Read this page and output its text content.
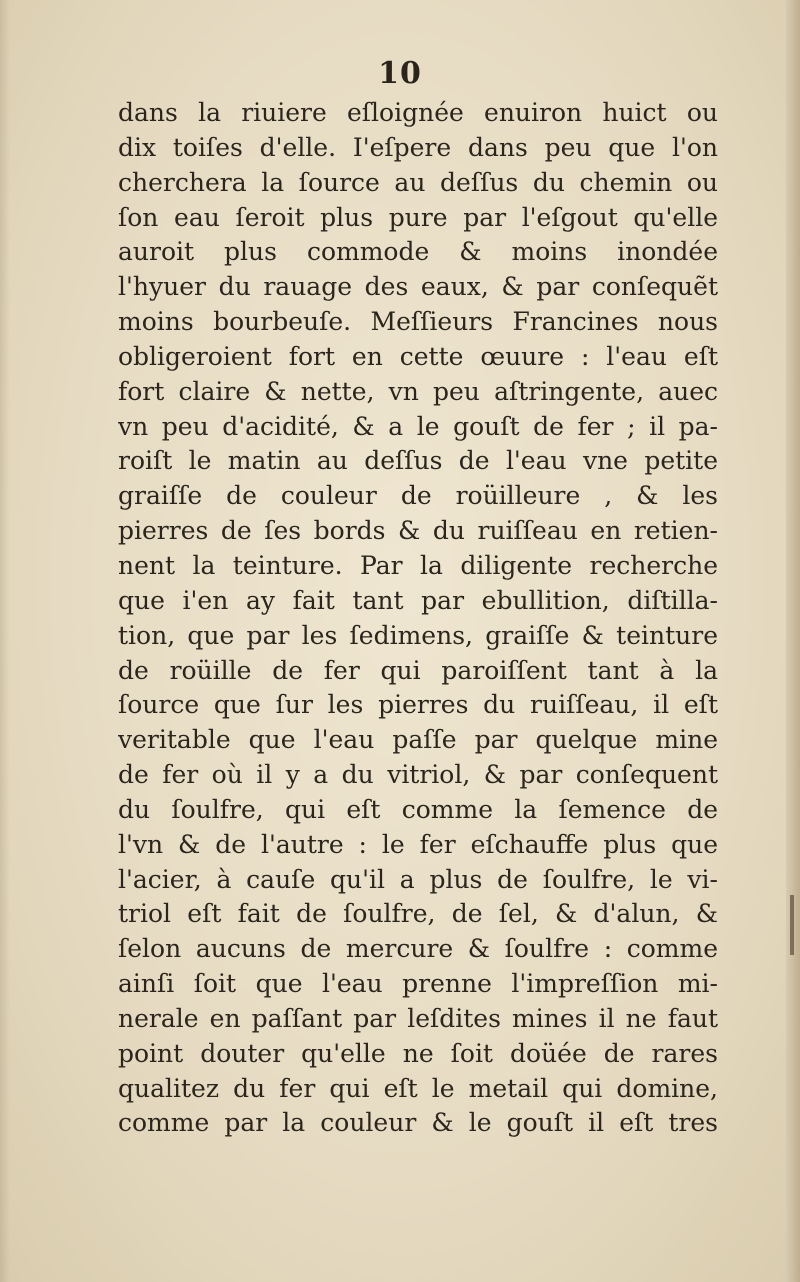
10
dans la riuiere eſloignée enuiron huict ou
dix toiſes d'elle. I'eſpere dans peu que l'on
cherchera la ſource au deſſus du chemin ou
ſon eau ſeroit plus pure par l'eſgout qu'elle
auroit plus commode & moins inondée
l'hyuer du rauage des eaux, & par conſequẽt
moins bourbeuſe. Meſſieurs Francines nous
obligeroient fort en cette œuure : l'eau eſt
fort claire & nette, vn peu aſtringente, auec
vn peu d'acidité, & a le gouſt de fer ; il pa-
roiſt le matin au deſſus de l'eau vne petite
graiſſe de couleur de roüilleure , & les
pierres de ſes bords & du ruiſſeau en retien-
nent la teinture. Par la diligente recherche
que i'en ay fait tant par ebullition, diſtilla-
tion, que par les ſedimens, graiſſe & teinture
de roüille de fer qui paroiſſent tant à la
ſource que ſur les pierres du ruiſſeau, il eſt
veritable que l'eau paſſe par quelque mine
de fer où il y a du vitriol, & par conſequent
du ſoulfre, qui eſt comme la ſemence de
l'vn & de l'autre : le fer eſchauffe plus que
l'acier, à cauſe qu'il a plus de ſoulfre, le vi-
triol eſt fait de ſoulfre, de ſel, & d'alun, &
ſelon aucuns de mercure & ſoulfre : comme
ainſi ſoit que l'eau prenne l'impreſſion mi-
nerale en paſſant par leſdites mines il ne faut
point douter qu'elle ne ſoit doüée de rares
qualitez du fer qui eſt le metail qui domine,
comme par la couleur & le gouſt il eſt tres
